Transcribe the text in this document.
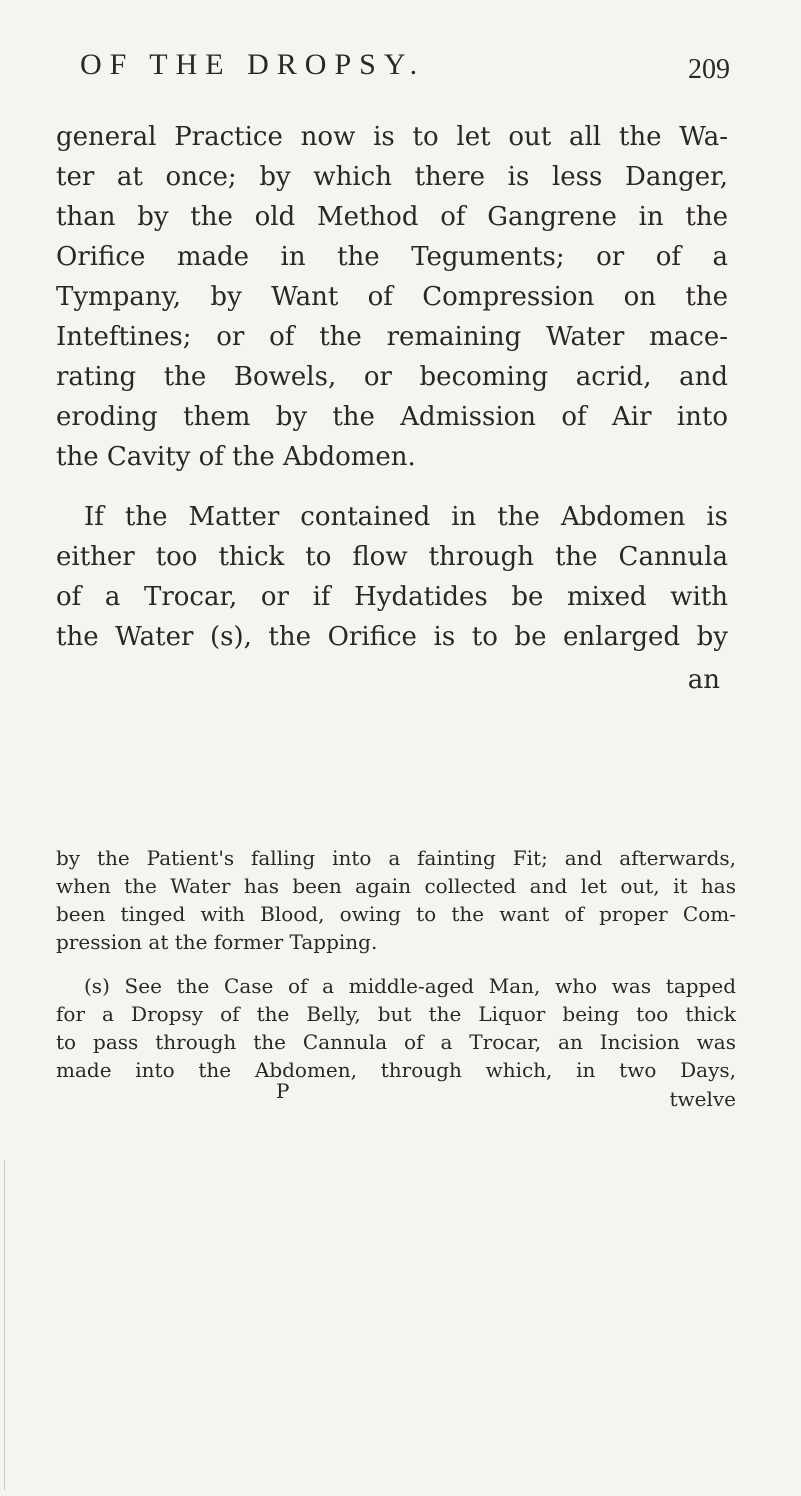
OF THE DROPSY.	209
general Practice now is to let out all the Wa-
ter at once; by which there is less Danger,
than by the old Method of Gangrene in the
Orifice made in the Teguments; or of a
Tympany, by Want of Compression on the
Inteftines; or of the remaining Water mace-
rating the Bowels, or becoming acrid, and
eroding them by the Admission of Air into
the Cavity of the Abdomen.
If the Matter contained in the Abdomen is
either too thick to flow through the Cannula
of a Trocar, or if Hydatides be mixed with
the Water (s), the Orifice is to be enlarged by
an
by the Patient's falling into a fainting Fit; and afterwards,
when the Water has been again collected and let out, it has
been tinged with Blood, owing to the want of proper Com-
pression at the former Tapping.
(s) See the Case of a middle-aged Man, who was tapped
for a Dropsy of the Belly, but the Liquor being too thick
to pass through the Cannula of a Trocar, an Incision was
made into the Abdomen, through which, in two Days,
P	twelve
